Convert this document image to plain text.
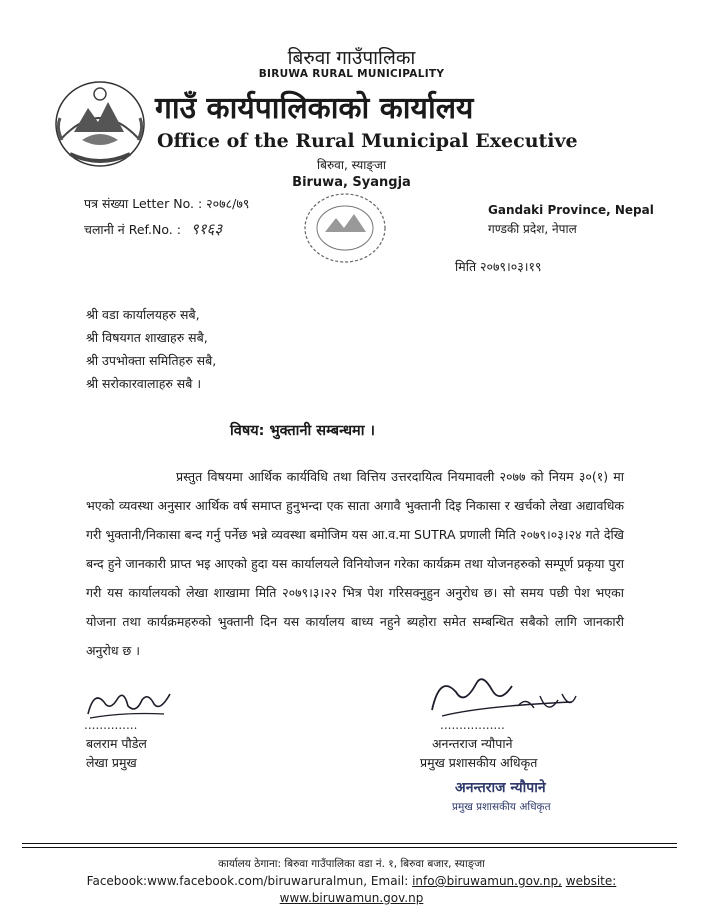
बिरुवा गाउँपालिका
BIRUWA RURAL MUNICIPALITY
गाउँ कार्यपालिकाको कार्यालय
Office of the Rural Municipal Executive
बिरुवा, स्याङ्जा
Biruwa, Syangja
पत्र संख्या Letter No. : २०७८/७९
चलानी नं Ref.No. : ९१६३
Gandaki Province, Nepal
गण्डकी प्रदेश, नेपाल
मिति २०७९।०३।१९
श्री वडा कार्यालयहरु सबै,
श्री विषयगत शाखाहरु सबै,
श्री उपभोक्ता समितिहरु सबै,
श्री सरोकारवालाहरु सबै ।
विषय: भुक्तानी सम्बन्धमा ।
प्रस्तुत विषयमा आर्थिक कार्यविधि तथा वित्तिय उत्तरदायित्व नियमावली २०७७ को नियम ३०(१) मा भएको व्यवस्था अनुसार आर्थिक वर्ष समाप्त हुनुभन्दा एक साता अगावै भुक्तानी दिइ निकासा र खर्चको लेखा अद्यावधिक गरी भुक्तानी/निकासा बन्द गर्नु पर्नेछ भन्ने व्यवस्था बमोजिम यस आ.व.मा SUTRA प्रणाली मिति २०७९।०३।२४ गते देखि बन्द हुने जानकारी प्राप्त भइ आएको हुदा यस कार्यालयले विनियोजन गरेका कार्यक्रम तथा योजनहरुको सम्पूर्ण प्रकृया पुरा गरी यस कार्यालयको लेखा शाखामा मिति २०७९।३।२२ भित्र पेश गरिसक्नुहुन अनुरोध छ। सो समय पछी पेश भएका योजना तथा कार्यक्रमहरुको भुक्तानी दिन यस कार्यालय बाध्य नहुने ब्यहोरा समेत सम्बन्धित सबैको लागि जानकारी अनुरोध छ ।
..............
बलराम पौडेल
लेखा प्रमुख
.................
अनन्तराज न्यौपाने
प्रमुख प्रशासकीय अधिकृत
अनन्तराज न्यौपाने
प्रमुख प्रशासकीय अधिकृत
कार्यालय ठेगाना: बिरुवा गाउँपालिका वडा नं. १, बिरुवा बजार, स्याङ्जा
Facebook:www.facebook.com/biruwaruralmun, Email: info@biruwamun.gov.np, website:
www.biruwamun.gov.np
